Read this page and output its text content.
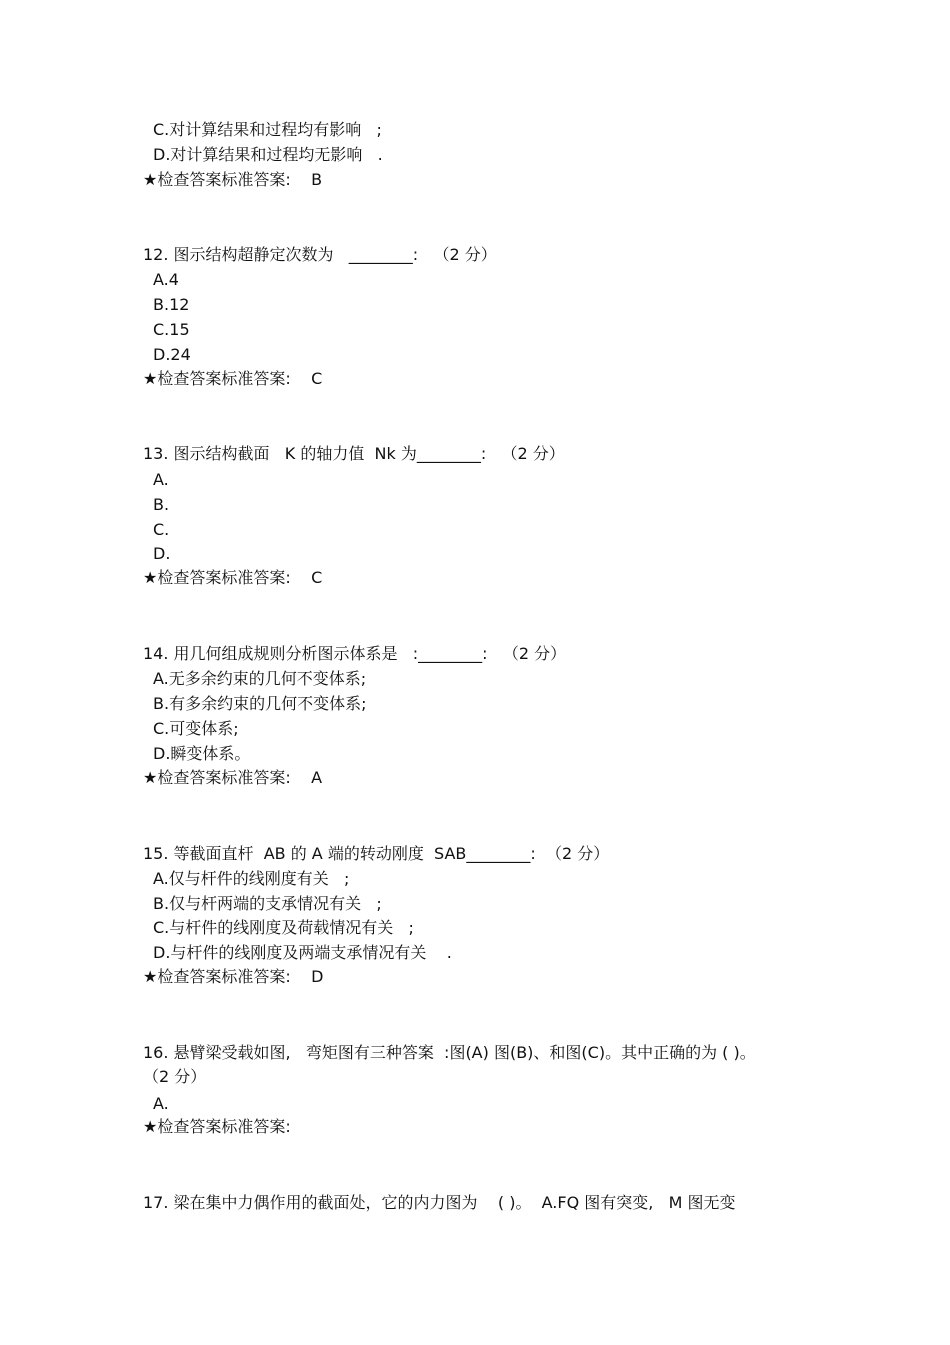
C.对计算结果和过程均有影响   ;
D.对计算结果和过程均无影响   .
★检查答案标准答案:    B
12. 图示结构超静定次数为   ________:   （2 分）
A.4
B.12
C.15
D.24
★检查答案标准答案:    C
13. 图示结构截面   K 的轴力值  Nk 为________:   （2 分）
A.
B.
C.
D.
★检查答案标准答案:    C
14. 用几何组成规则分析图示体系是   :________:   （2 分）
A.无多余约束的几何不变体系;
B.有多余约束的几何不变体系;
C.可变体系;
D.瞬变体系。
★检查答案标准答案:    A
15. 等截面直杆  AB 的 A 端的转动刚度  SAB________:  （2 分）
A.仅与杆件的线刚度有关   ;
B.仅与杆两端的支承情况有关   ;
C.与杆件的线刚度及荷载情况有关   ;
D.与杆件的线刚度及两端支承情况有关    .
★检查答案标准答案:    D
16. 悬臂梁受载如图,   弯矩图有三种答案  :图(A) 图(B)、和图(C)。其中正确的为 ( )。
（2 分）
A.
★检查答案标准答案:
17. 梁在集中力偶作用的截面处，它的内力图为    ( )。  A.FQ 图有突变,   M 图无变
